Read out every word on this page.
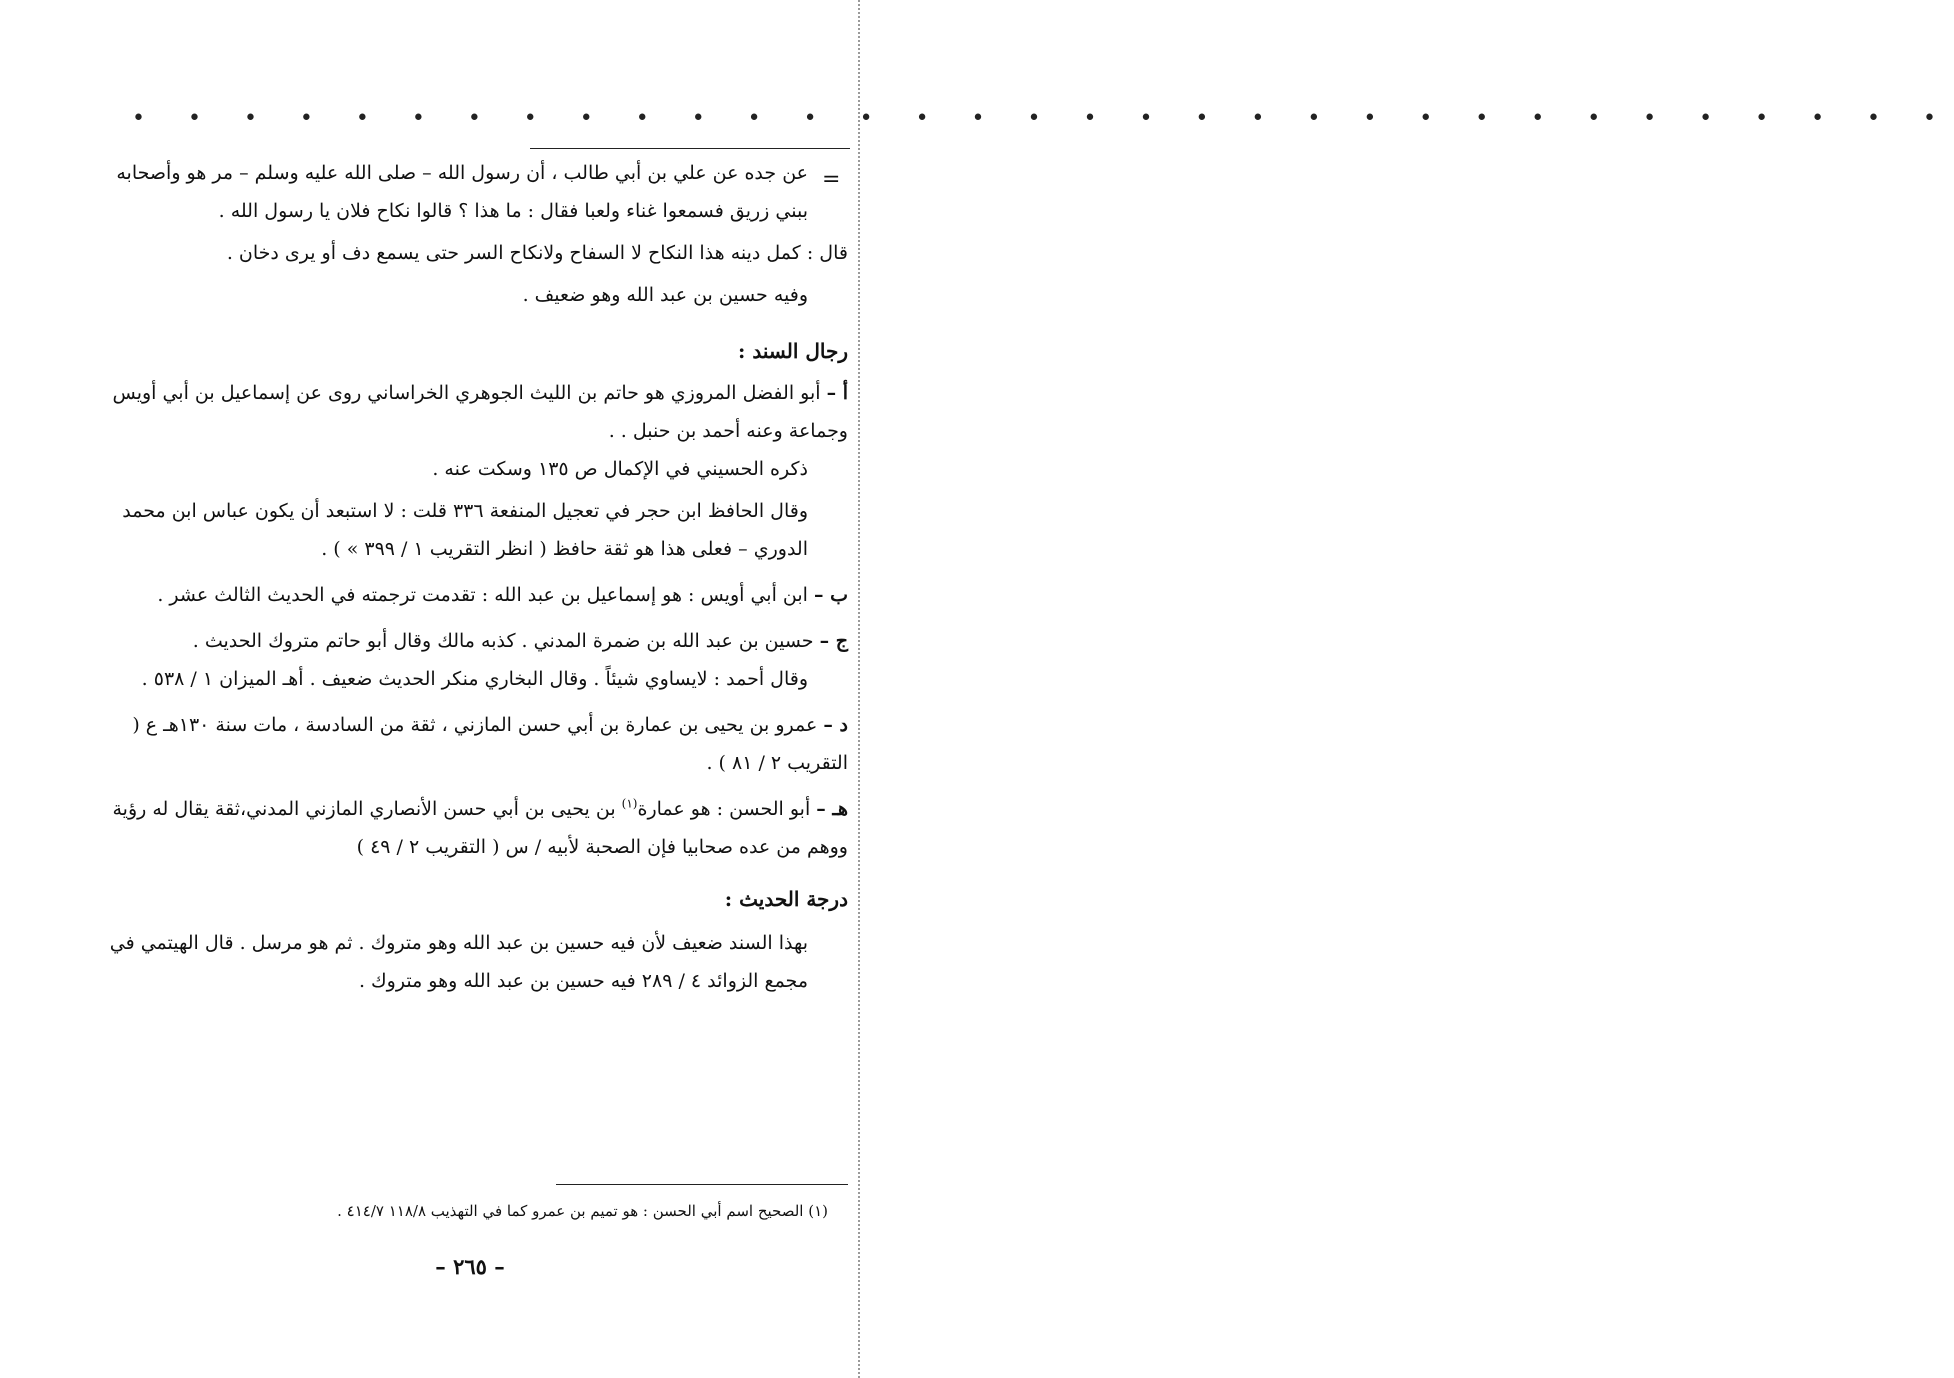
• • • • • • • • • • • • • • • • • • • • • • • • • • • • • • • • •
=

عن جده عن علي بن أبي طالب ، أن رسول الله – صلى الله عليه وسلم – مر هو وأصحابه ببني زريق فسمعوا غناء ولعبا فقال : ما هذا ؟ قالوا نكاح فلان يا رسول الله .

قال : كمل دينه هذا النكاح لا السفاح ولانكاح السر حتى يسمع دف أو يرى دخان .

وفيه حسين بن عبد الله وهو ضعيف .

رجال السند :

أ – أبو الفضل المروزي هو حاتم بن الليث الجوهري الخراساني روى عن إسماعيل بن أبي أويس وجماعة وعنه أحمد بن حنبل . .

ذكره الحسيني في الإكمال ص ١٣٥ وسكت عنه .

وقال الحافظ ابن حجر في تعجيل المنفعة ٣٣٦ قلت : لا استبعد أن يكون عباس ابن محمد الدوري – فعلى هذا هو ثقة حافظ ( انظر التقريب ١ / ٣٩٩ » ) .

ب – ابن أبي أويس : هو إسماعيل بن عبد الله : تقدمت ترجمته في الحديث الثالث عشر .

ج – حسين بن عبد الله بن ضمرة المدني . كذبه مالك وقال أبو حاتم متروك الحديث .

وقال أحمد : لايساوي شيئاً . وقال البخاري منكر الحديث ضعيف . أهـ الميزان ١ / ٥٣٨ .

د – عمرو بن يحيى بن عمارة بن أبي حسن المازني ، ثقة من السادسة ، مات سنة ١٣٠هـ ع ( التقريب ٢ / ٨١ ) .

هـ – أبو الحسن : هو عمارة$^{(١)}$ بن يحيى بن أبي حسن الأنصاري المازني المدني،ثقة يقال له رؤية ووهم من عده صحابيا فإن الصحبة لأبيه / س ( التقريب ٢ / ٤٩ )

درجة الحديث :

بهذا السند ضعيف لأن فيه حسين بن عبد الله وهو متروك . ثم هو مرسل . قال الهيتمي في مجمع الزوائد ٤ / ٢٨٩ فيه حسين بن عبد الله وهو متروك .

(١) الصحيح اسم أبي الحسن : هو تميم بن عمرو كما في التهذيب ١١٨/٨ ٤١٤/٧ .
– ٢٦٥ –
